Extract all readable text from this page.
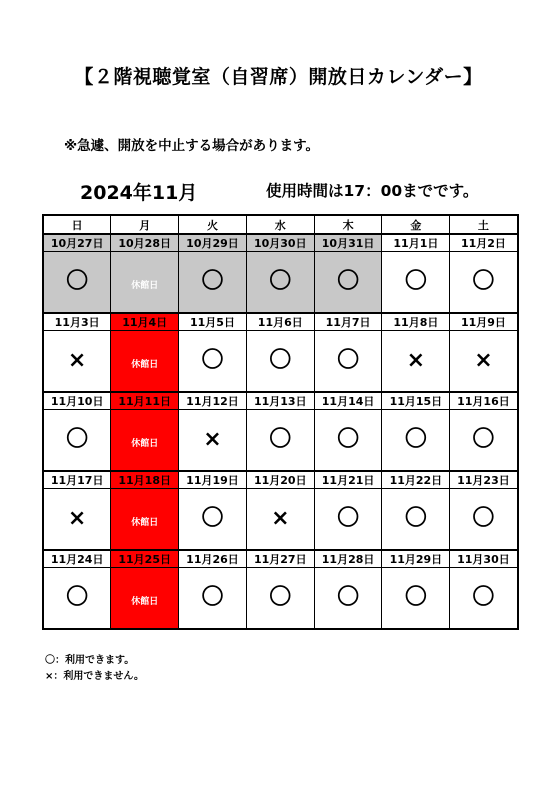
【２階視聴覚室（自習席）開放日カレンダー】
※急遽、開放を中止する場合があります。
2024年11月	使用時間は17：00までです。
日	月	火	水	木	金	土
10月27日	10月28日	10月29日	10月30日	10月31日	11月1日	11月2日
〇	休館日	〇	〇	〇	〇	〇
11月3日	11月4日	11月5日	11月6日	11月7日	11月8日	11月9日
×	休館日	〇	〇	〇	×	×
11月10日	11月11日	11月12日	11月13日	11月14日	11月15日	11月16日
〇	休館日	×	〇	〇	〇	〇
11月17日	11月18日	11月19日	11月20日	11月21日	11月22日	11月23日
×	休館日	〇	×	〇	〇	〇
11月24日	11月25日	11月26日	11月27日	11月28日	11月29日	11月30日
〇	休館日	〇	〇	〇	〇	〇
〇：利用できます。
×：利用できません。
